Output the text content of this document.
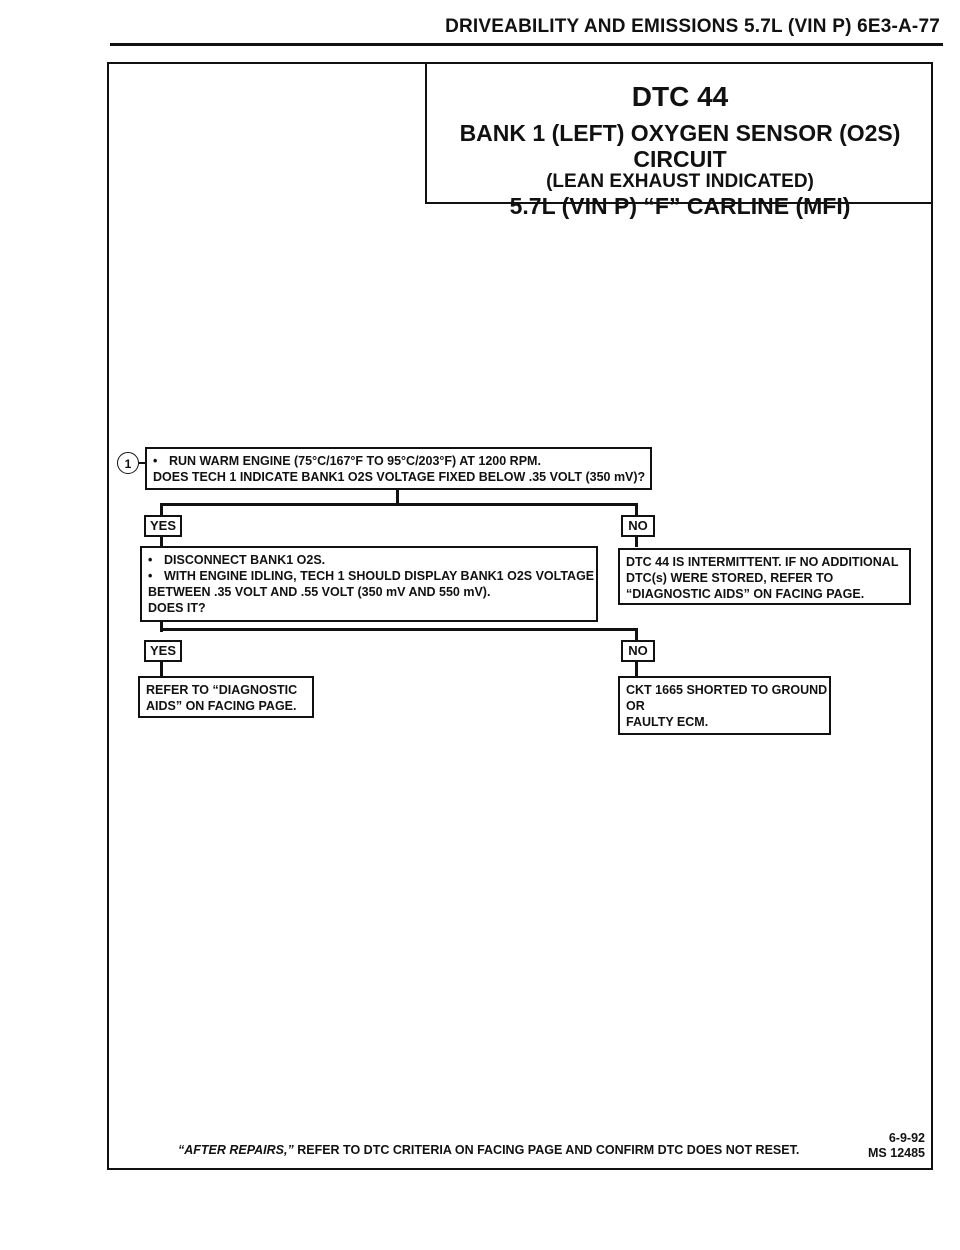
DRIVEABILITY AND EMISSIONS 5.7L (VIN P) 6E3-A-77
DTC 44
BANK 1 (LEFT) OXYGEN SENSOR (O2S) CIRCUIT
(LEAN EXHAUST INDICATED)
5.7L (VIN P) “F” CARLINE (MFI)
1	• RUN WARM ENGINE (75°C/167°F TO 95°C/203°F) AT 1200 RPM.
DOES TECH 1 INDICATE BANK1 O2S VOLTAGE FIXED BELOW .35 VOLT (350 mV)?
YES	NO
• DISCONNECT BANK1 O2S.
• WITH ENGINE IDLING, TECH 1 SHOULD DISPLAY BANK1 O2S VOLTAGE
BETWEEN .35 VOLT AND .55 VOLT (350 mV AND 550 mV).
DOES IT?
DTC 44 IS INTERMITTENT. IF NO ADDITIONAL
DTC(s) WERE STORED, REFER TO
“DIAGNOSTIC AIDS” ON FACING PAGE.
YES	NO
REFER TO “DIAGNOSTIC
AIDS” ON FACING PAGE.
CKT 1665 SHORTED TO GROUND
OR
FAULTY ECM.
“AFTER REPAIRS,” REFER TO DTC CRITERIA ON FACING PAGE AND CONFIRM DTC DOES NOT RESET.
6-9-92
MS 12485
